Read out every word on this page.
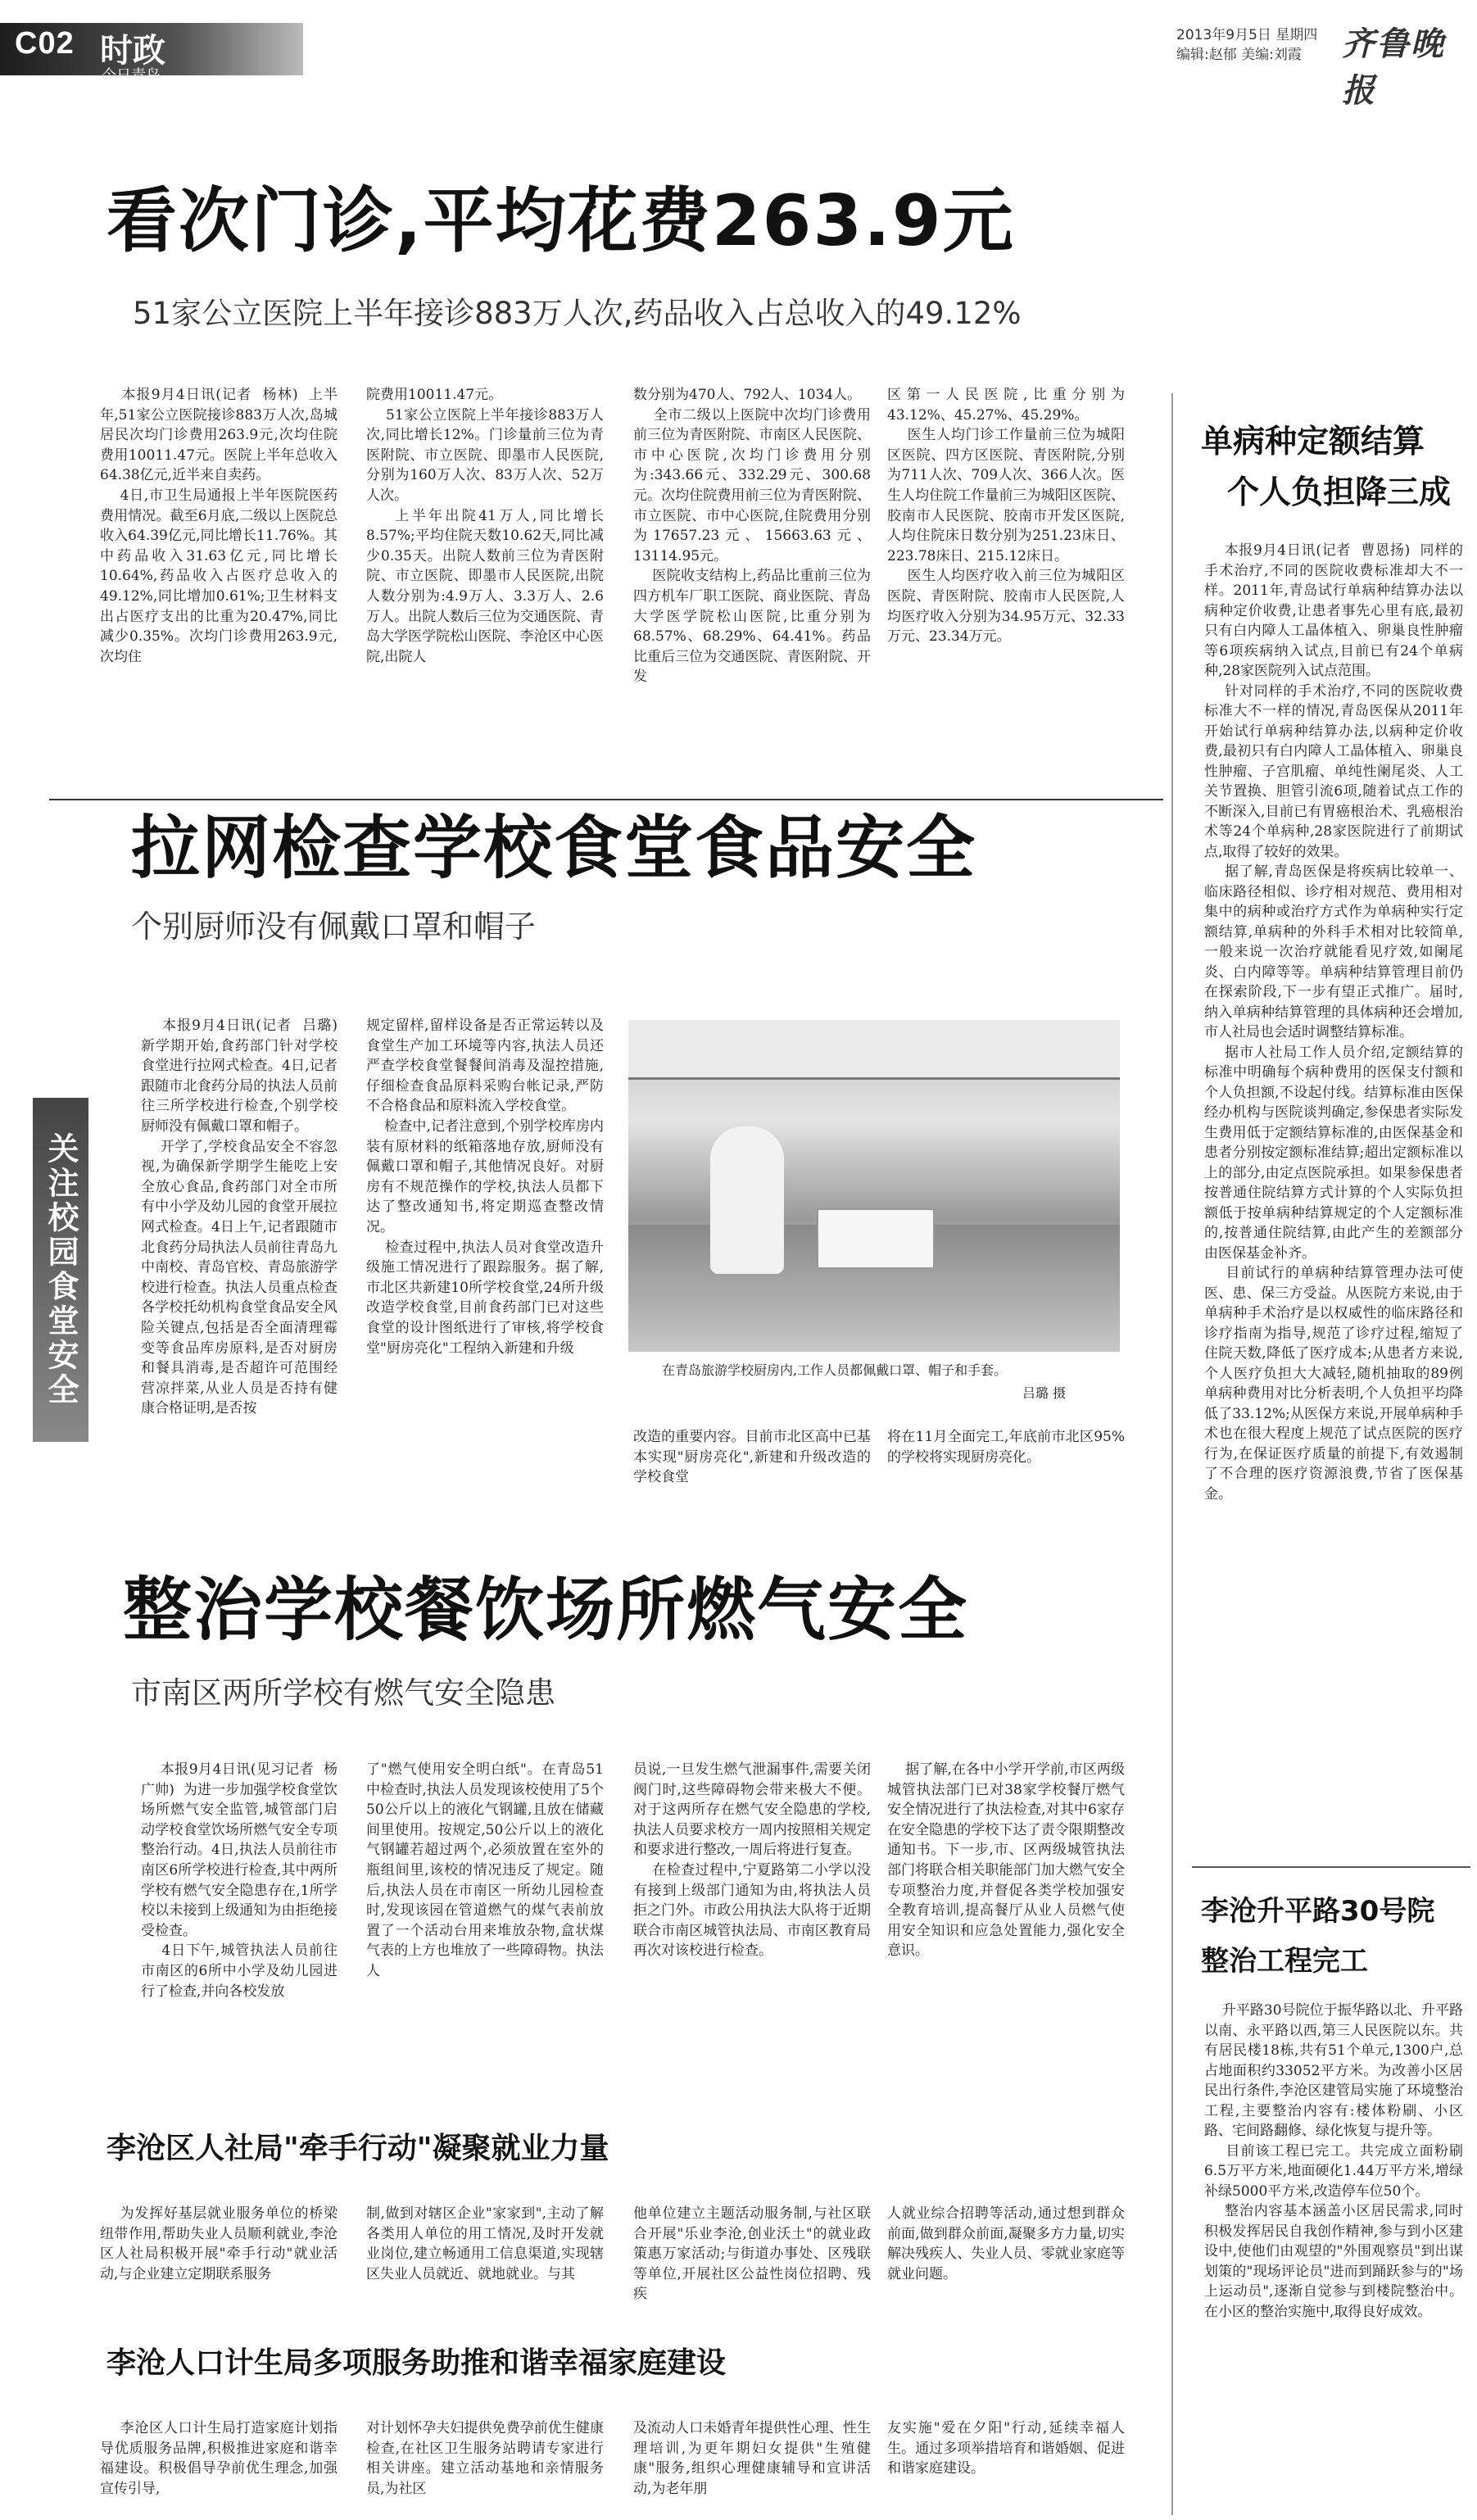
C02 时政
今日青岛
2013年9月5日 星期四
编辑:赵郁 美编:刘霞 齐鲁晚报
看次门诊,平均花费263.9元
51家公立医院上半年接诊883万人次,药品收入占总收入的49.12%
本报9月4日讯(记者  杨林)  上半年,51家公立医院接诊883万人次,岛城居民次均门诊费用263.9元,次均住院费用10011.47元。医院上半年总收入64.38亿元,近半来自卖药。
4日,市卫生局通报上半年医院医药费用情况。截至6月底,二级以上医院总收入64.39亿元,同比增长11.76%。其中药品收入31.63亿元,同比增长10.64%,药品收入占医疗总收入的49.12%,同比增加0.61%;卫生材料支出占医疗支出的比重为20.47%,同比减少0.35%。次均门诊费用263.9元,次均住
院费用10011.47元。
51家公立医院上半年接诊883万人次,同比增长12%。门诊量前三位为青医附院、市立医院、即墨市人民医院,分别为160万人次、83万人次、52万人次。
上半年出院41万人,同比增长8.57%;平均住院天数10.62天,同比减少0.35天。出院人数前三位为青医附院、市立医院、即墨市人民医院,出院人数分别为:4.9万人、3.3万人、2.6万人。出院人数后三位为交通医院、青岛大学医学院松山医院、李沧区中心医院,出院人
数分别为470人、792人、1034人。
全市二级以上医院中次均门诊费用前三位为青医附院、市南区人民医院、市中心医院,次均门诊费用分别为:343.66元、332.29元、300.68元。次均住院费用前三位为青医附院、市立医院、市中心医院,住院费用分别为17657.23元、15663.63元、13114.95元。
医院收支结构上,药品比重前三位为四方机车厂职工医院、商业医院、青岛大学医学院松山医院,比重分别为68.57%、68.29%、64.41%。药品比重后三位为交通医院、青医附院、开发
区第一人民医院,比重分别为43.12%、45.27%、45.29%。
医生人均门诊工作量前三位为城阳区医院、四方区医院、青医附院,分别为711人次、709人次、366人次。医生人均住院工作量前三为城阳区医院、胶南市人民医院、胶南市开发区医院,人均住院床日数分别为251.23床日、223.78床日、215.12床日。
医生人均医疗收入前三位为城阳区医院、青医附院、胶南市人民医院,人均医疗收入分别为34.95万元、32.33万元、23.34万元。
关注校园食堂安全
拉网检查学校食堂食品安全
个别厨师没有佩戴口罩和帽子
本报9月4日讯(记者  吕璐)  新学期开始,食药部门针对学校食堂进行拉网式检查。4日,记者跟随市北食药分局的执法人员前往三所学校进行检查,个别学校厨师没有佩戴口罩和帽子。
开学了,学校食品安全不容忽视,为确保新学期学生能吃上安全放心食品,食药部门对全市所有中小学及幼儿园的食堂开展拉网式检查。4日上午,记者跟随市北食药分局执法人员前往青岛九中南校、青岛官校、青岛旅游学校进行检查。执法人员重点检查各学校托幼机构食堂食品安全风险关键点,包括是否全面清理霉变等食品库房原料,是否对厨房和餐具消毒,是否超许可范围经营凉拌菜,从业人员是否持有健康合格证明,是否按
规定留样,留样设备是否正常运转以及食堂生产加工环境等内容,执法人员还严查学校食堂餐餐间消毒及湿控措施,仔细检查食品原料采购台帐记录,严防不合格食品和原料流入学校食堂。
检查中,记者注意到,个别学校库房内装有原材料的纸箱落地存放,厨师没有佩戴口罩和帽子,其他情况良好。对厨房有不规范操作的学校,执法人员都下达了整改通知书,将定期巡查整改情况。
检查过程中,执法人员对食堂改造升级施工情况进行了跟踪服务。据了解,市北区共新建10所学校食堂,24所升级改造学校食堂,目前食药部门已对这些食堂的设计图纸进行了审核,将学校食堂"厨房亮化"工程纳入新建和升级
在青岛旅游学校厨房内,工作人员都佩戴口罩、帽子和手套。
吕璐 摄
改造的重要内容。目前市北区高中已基本实现"厨房亮化",新建和升级改造的学校食堂
将在11月全面完工,年底前市北区95%的学校将实现厨房亮化。
整治学校餐饮场所燃气安全
市南区两所学校有燃气安全隐患
本报9月4日讯(见习记者  杨广帅)  为进一步加强学校食堂饮场所燃气安全监管,城管部门启动学校食堂饮场所燃气安全专项整治行动。4日,执法人员前往市南区6所学校进行检查,其中两所学校有燃气安全隐患存在,1所学校以未接到上级通知为由拒绝接受检查。
4日下午,城管执法人员前往市南区的6所中小学及幼儿园进行了检查,并向各校发放
了"燃气使用安全明白纸"。在青岛51中检查时,执法人员发现该校使用了5个50公斤以上的液化气钢罐,且放在储藏间里使用。按规定,50公斤以上的液化气钢罐若超过两个,必须放置在室外的瓶组间里,该校的情况违反了规定。随后,执法人员在市南区一所幼儿园检查时,发现该园在管道燃气的煤气表前放置了一个活动台用来堆放杂物,盒状煤气表的上方也堆放了一些障碍物。执法人
员说,一旦发生燃气泄漏事件,需要关闭阀门时,这些障碍物会带来极大不便。对于这两所存在燃气安全隐患的学校,执法人员要求校方一周内按照相关规定和要求进行整改,一周后将进行复查。
在检查过程中,宁夏路第二小学以没有接到上级部门通知为由,将执法人员拒之门外。市政公用执法大队将于近期联合市南区城管执法局、市南区教育局再次对该校进行检查。
据了解,在各中小学开学前,市区两级城管执法部门已对38家学校餐厅燃气安全情况进行了执法检查,对其中6家存在安全隐患的学校下达了责令限期整改通知书。下一步,市、区两级城管执法部门将联合相关职能部门加大燃气安全专项整治力度,并督促各类学校加强安全教育培训,提高餐厅从业人员燃气使用安全知识和应急处置能力,强化安全意识。
李沧区人社局"牵手行动"凝聚就业力量
为发挥好基层就业服务单位的桥梁纽带作用,帮助失业人员顺利就业,李沧区人社局积极开展"牵手行动"就业活动,与企业建立定期联系服务
制,做到对辖区企业"家家到",主动了解各类用人单位的用工情况,及时开发就业岗位,建立畅通用工信息渠道,实现辖区失业人员就近、就地就业。与其
他单位建立主题活动服务制,与社区联合开展"乐业李沧,创业沃土"的就业政策惠万家活动;与街道办事处、区残联等单位,开展社区公益性岗位招聘、残疾
人就业综合招聘等活动,通过想到群众前面,做到群众前面,凝聚多方力量,切实解决残疾人、失业人员、零就业家庭等就业问题。
李沧人口计生局多项服务助推和谐幸福家庭建设
李沧区人口计生局打造家庭计划指导优质服务品牌,积极推进家庭和谐幸福建设。积极倡导孕前优生理念,加强宣传引导,
对计划怀孕夫妇提供免费孕前优生健康检查,在社区卫生服务站聘请专家进行相关讲座。建立活动基地和亲情服务员,为社区
及流动人口未婚青年提供性心理、性生理培训,为更年期妇女提供"生殖健康"服务,组织心理健康辅导和宣讲活动,为老年朋
友实施"爱在夕阳"行动,延续幸福人生。通过多项举措培育和谐婚姻、促进和谐家庭建设。
单病种定额结算
个人负担降三成
本报9月4日讯(记者  曹恩扬)  同样的手术治疗,不同的医院收费标准却大不一样。2011年,青岛试行单病种结算办法以病种定价收费,让患者事先心里有底,最初只有白内障人工晶体植入、卵巢良性肿瘤等6项疾病纳入试点,目前已有24个单病种,28家医院列入试点范围。
针对同样的手术治疗,不同的医院收费标准大不一样的情况,青岛医保从2011年开始试行单病种结算办法,以病种定价收费,最初只有白内障人工晶体植入、卵巢良性肿瘤、子宫肌瘤、单纯性阑尾炎、人工关节置换、胆管引流6项,随着试点工作的不断深入,目前已有胃癌根治术、乳癌根治术等24个单病种,28家医院进行了前期试点,取得了较好的效果。
据了解,青岛医保是将疾病比较单一、临床路径相似、诊疗相对规范、费用相对集中的病种或治疗方式作为单病种实行定额结算,单病种的外科手术相对比较简单,一般来说一次治疗就能看见疗效,如阑尾炎、白内障等等。单病种结算管理目前仍在探索阶段,下一步有望正式推广。届时,纳入单病种结算管理的具体病种还会增加,市人社局也会适时调整结算标准。
据市人社局工作人员介绍,定额结算的标准中明确每个病种费用的医保支付额和个人负担额,不设起付线。结算标准由医保经办机构与医院谈判确定,参保患者实际发生费用低于定额结算标准的,由医保基金和患者分别按定额标准结算;超出定额标准以上的部分,由定点医院承担。如果参保患者按普通住院结算方式计算的个人实际负担额低于按单病种结算规定的个人定额标准的,按普通住院结算,由此产生的差额部分由医保基金补齐。
目前试行的单病种结算管理办法可使医、患、保三方受益。从医院方来说,由于单病种手术治疗是以权威性的临床路径和诊疗指南为指导,规范了诊疗过程,缩短了住院天数,降低了医疗成本;从患者方来说,个人医疗负担大大减轻,随机抽取的89例单病种费用对比分析表明,个人负担平均降低了33.12%;从医保方来说,开展单病种手术也在很大程度上规范了试点医院的医疗行为,在保证医疗质量的前提下,有效遏制了不合理的医疗资源浪费,节省了医保基金。
李沧升平路30号院
整治工程完工
升平路30号院位于振华路以北、升平路以南、永平路以西,第三人民医院以东。共有居民楼18栋,共有51个单元,1300户,总占地面积约33052平方米。为改善小区居民出行条件,李沧区建管局实施了环境整治工程,主要整治内容有:楼体粉刷、小区路、宅间路翻修、绿化恢复与提升等。
目前该工程已完工。共完成立面粉刷6.5万平方米,地面硬化1.44万平方米,增绿补绿5000平方米,改造停车位50个。
整治内容基本涵盖小区居民需求,同时积极发挥居民自我创作精神,参与到小区建设中,使他们由观望的"外围观察员"到出谋划策的"现场评论员"进而到踊跃参与的"场上运动员",逐渐自觉参与到楼院整治中。在小区的整治实施中,取得良好成效。
